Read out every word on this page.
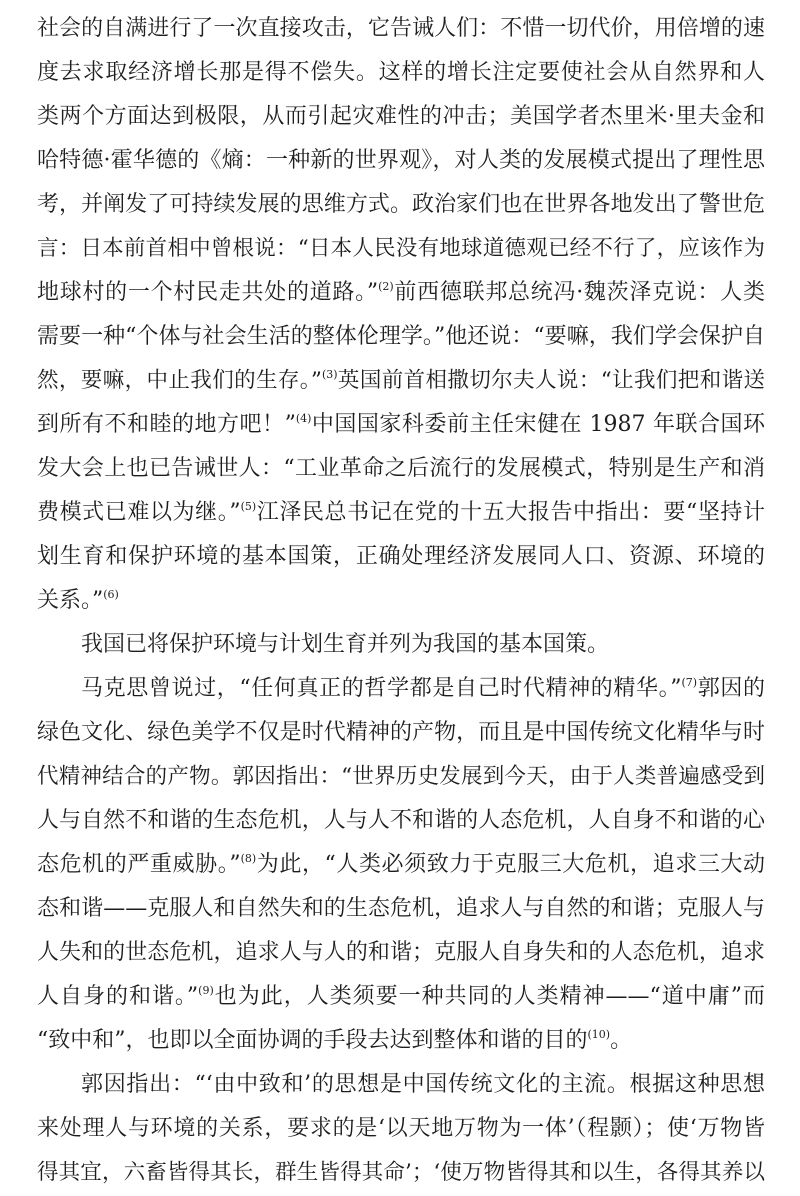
社会的自满进行了一次直接攻击，它告诫人们：不惜一切代价，用倍增的速
度去求取经济增长那是得不偿失。这样的增长注定要使社会从自然界和人
类两个方面达到极限，从而引起灾难性的冲击；美国学者杰里米·里夫金和
哈特德·霍华德的《熵：一种新的世界观》，对人类的发展模式提出了理性思
考，并阐发了可持续发展的思维方式。政治家们也在世界各地发出了警世危
言：日本前首相中曾根说：“日本人民没有地球道德观已经不行了，应该作为
地球村的一个村民走共处的道路。”$^{(2)}$前西德联邦总统冯·魏茨泽克说：人类
需要一种“个体与社会生活的整体伦理学。”他还说：“要嘛，我们学会保护自
然，要嘛，中止我们的生存。”$^{(3)}$英国前首相撒切尔夫人说：“让我们把和谐送
到所有不和睦的地方吧！”$^{(4)}$中国国家科委前主任宋健在 1987 年联合国环
发大会上也已告诫世人：“工业革命之后流行的发展模式，特别是生产和消
费模式已难以为继。”$^{(5)}$江泽民总书记在党的十五大报告中指出：要“坚持计
划生育和保护环境的基本国策，正确处理经济发展同人口、资源、环境的
关系。”$^{(6)}$
我国已将保护环境与计划生育并列为我国的基本国策。
马克思曾说过，“任何真正的哲学都是自己时代精神的精华。”$^{(7)}$郭因的
绿色文化、绿色美学不仅是时代精神的产物，而且是中国传统文化精华与时
代精神结合的产物。郭因指出：“世界历史发展到今天，由于人类普遍感受到
人与自然不和谐的生态危机，人与人不和谐的人态危机，人自身不和谐的心
态危机的严重威胁。”$^{(8)}$为此，“人类必须致力于克服三大危机，追求三大动
态和谐——克服人和自然失和的生态危机，追求人与自然的和谐；克服人与
人失和的世态危机，追求人与人的和谐；克服人自身失和的人态危机，追求
人自身的和谐。”$^{(9)}$也为此，人类须要一种共同的人类精神——“道中庸”而
“致中和”，也即以全面协调的手段去达到整体和谐的目的$^{(10)}$。
郭因指出：“‘由中致和’的思想是中国传统文化的主流。根据这种思想
来处理人与环境的关系，要求的是‘以天地万物为一体’（程颢）；使‘万物皆
得其宜，六畜皆得其长，群生皆得其命’；‘使万物皆得其和以生，各得其养以
